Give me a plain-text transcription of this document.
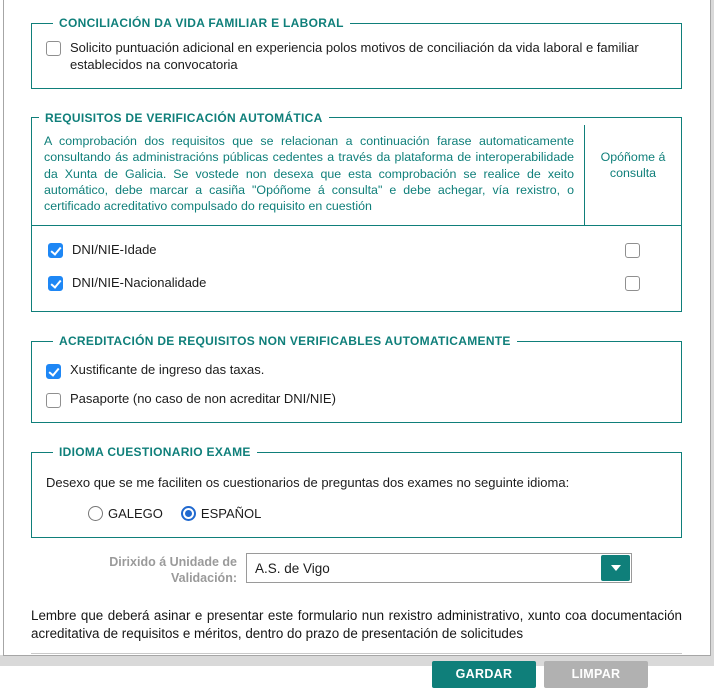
CONCILIACIÓN DA VIDA FAMILIAR E LABORAL
Solicito puntuación adicional en experiencia polos motivos de conciliación da vida laboral e familiar establecidos na convocatoria
REQUISITOS DE VERIFICACIÓN AUTOMÁTICA
A comprobación dos requisitos que se relacionan a continuación farase automaticamente consultando ás administracións públicas cedentes a través da plataforma de interoperabilidade da Xunta de Galicia. Se vostede non desexa que esta comprobación se realice de xeito automático, debe marcar a casiña "Opóñome á consulta" e debe achegar, vía rexistro, o certificado acreditativo compulsado do requisito en cuestión
Opóñome á consulta
DNI/NIE-Idade
DNI/NIE-Nacionalidade
ACREDITACIÓN DE REQUISITOS NON VERIFICABLES AUTOMATICAMENTE
Xustificante de ingreso das taxas.
Pasaporte (no caso de non acreditar DNI/NIE)
IDIOMA CUESTIONARIO EXAME
Desexo que se me faciliten os cuestionarios de preguntas dos exames no seguinte idioma:
GALEGO	ESPAÑOL
Dirixido á Unidade de Validación:
A.S. de Vigo

Lembre que deberá asinar e presentar este formulario nun rexistro administrativo, xunto coa documentación acreditativa de requisitos e méritos, dentro do prazo de presentación de solicitudes

GARDAR	LIMPAR
